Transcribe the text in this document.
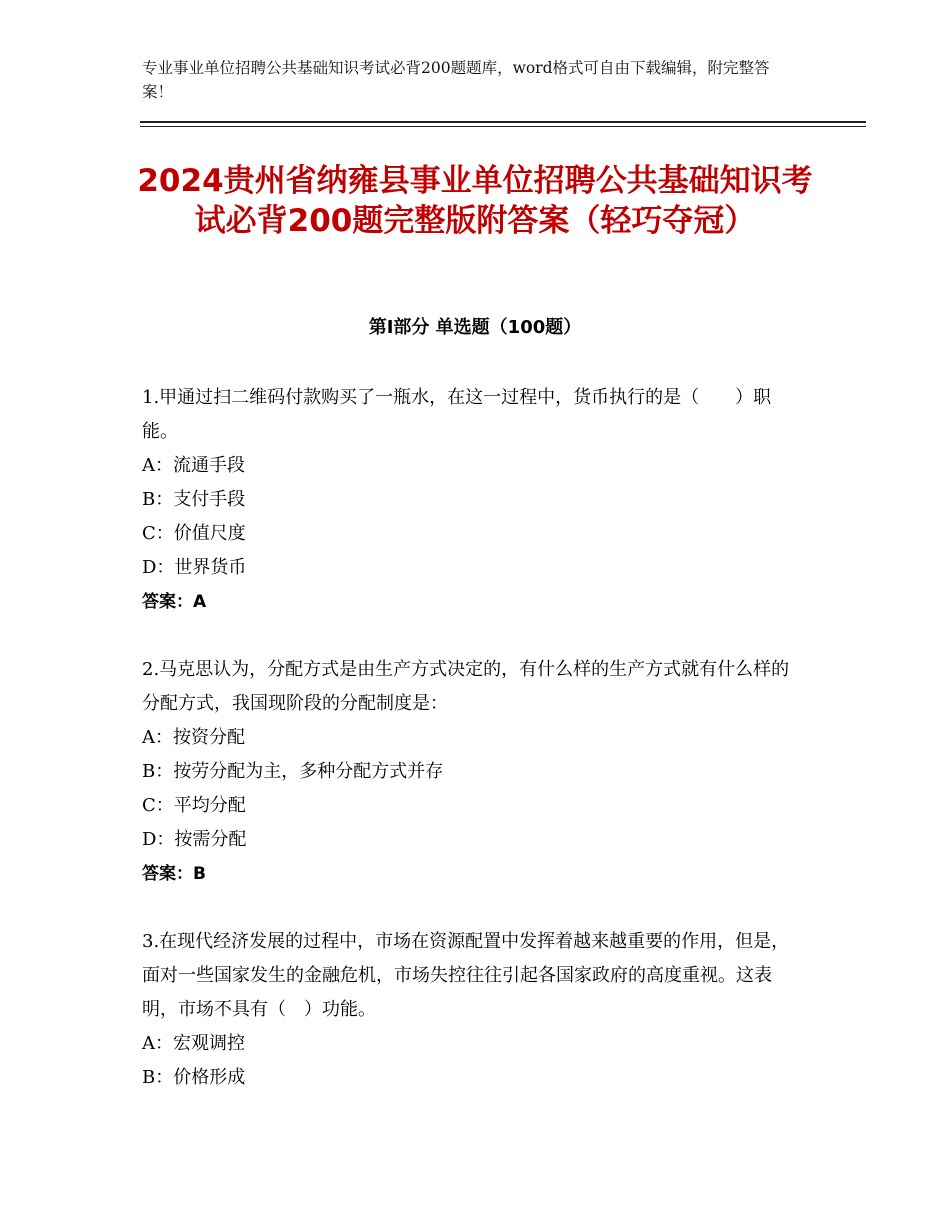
专业事业单位招聘公共基础知识考试必背200题题库，word格式可自由下载编辑，附完整答案！
2024贵州省纳雍县事业单位招聘公共基础知识考试必背200题完整版附答案（轻巧夺冠）
第Ⅰ部分 单选题（100题）

1.甲通过扫二维码付款购买了一瓶水，在这一过程中，货币执行的是（　　）职能。

A：流通手段

B：支付手段

C：价值尺度

D：世界货币

答案：A

2.马克思认为，分配方式是由生产方式决定的，有什么样的生产方式就有什么样的分配方式，我国现阶段的分配制度是：

A：按资分配

B：按劳分配为主，多种分配方式并存

C：平均分配

D：按需分配

答案：B

3.在现代经济发展的过程中，市场在资源配置中发挥着越来越重要的作用，但是，面对一些国家发生的金融危机，市场失控往往引起各国家政府的高度重视。这表明，市场不具有（　）功能。

A：宏观调控

B：价格形成
